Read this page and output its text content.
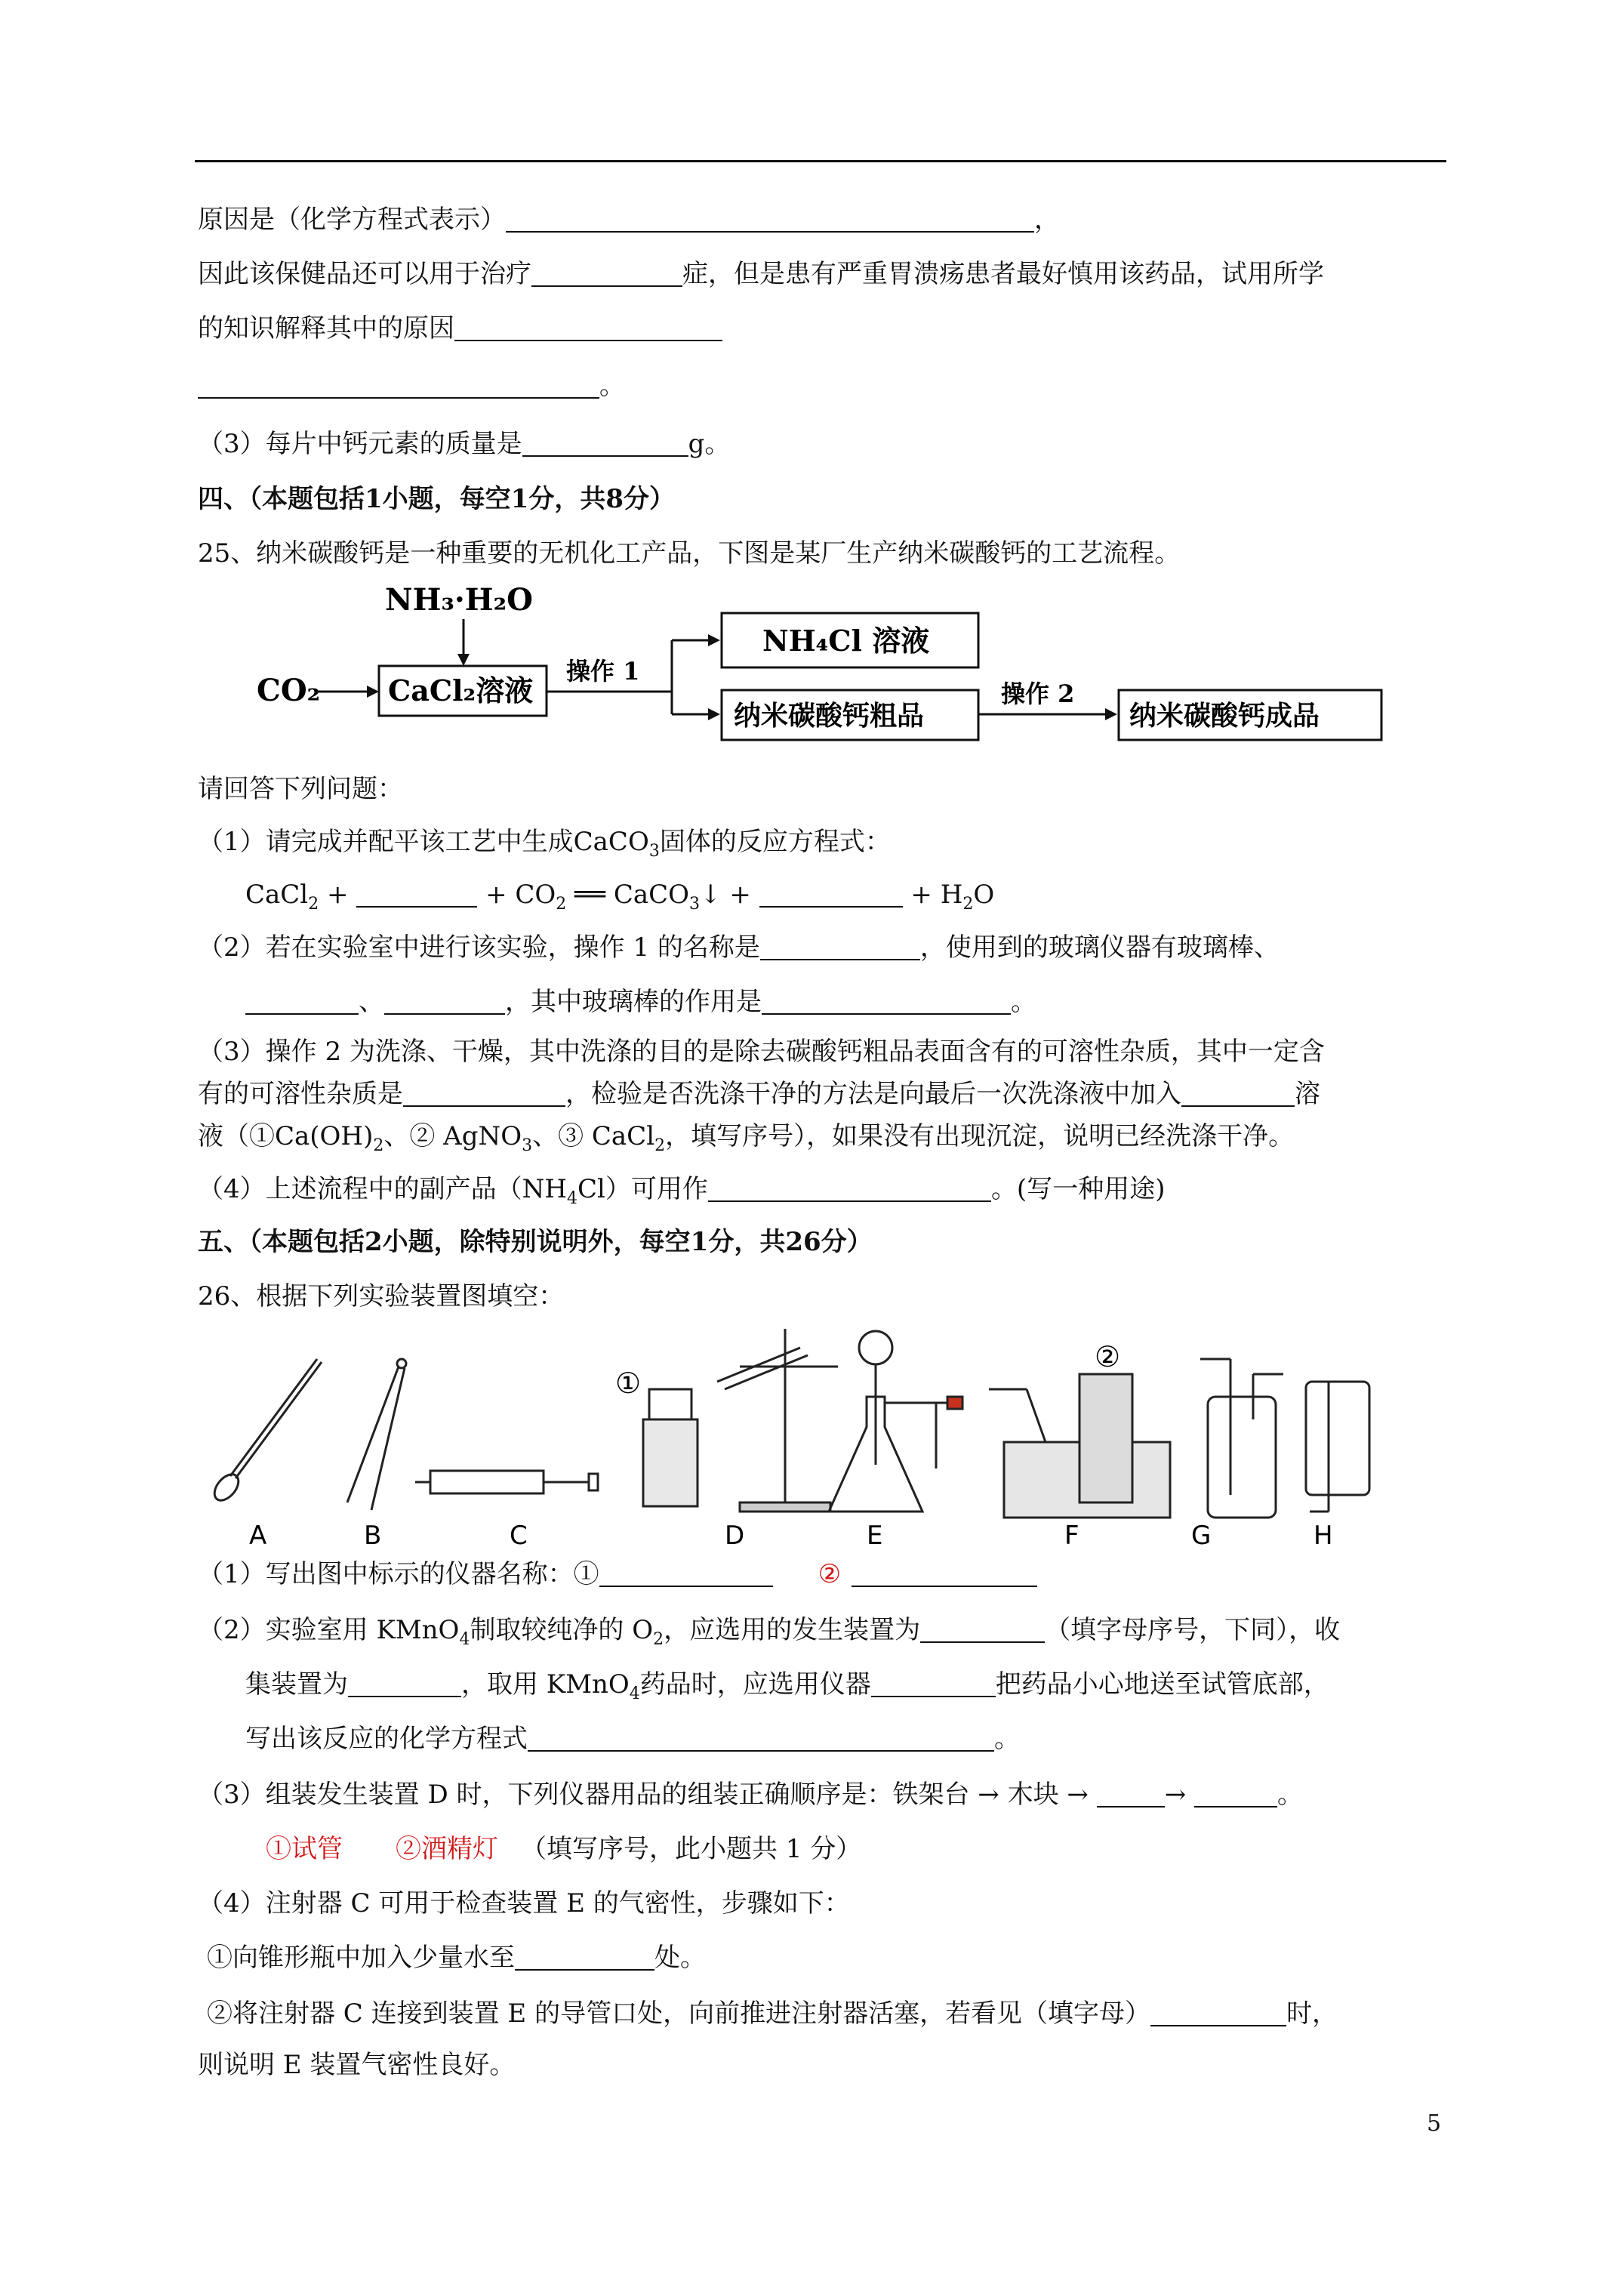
原因是（化学方程式表示）	，
因此该保健品还可以用于治疗	症，但是患有严重胃溃疡患者最好慎用该药品，试用所学
的知识解释其中的原因
。
（3）每片中钙元素的质量是	g。
四、（本题包括1小题，每空1分，共8分）
25、纳米碳酸钙是一种重要的无机化工产品，下图是某厂生产纳米碳酸钙的工艺流程。
NH₃·H₂O
CO₂ CaCl₂溶液
操作 1
NH₄Cl 溶液
纳米碳酸钙粗品
操作 2
纳米碳酸钙成品
请回答下列问题：
（1）请完成并配平该工艺中生成CaCO$_3$固体的反应方程式：
CaCl$_2$ +	+ $CO_2$ ══ CaCO$_3$↓ +	+ $H_2O$
（2）若在实验室中进行该实验，操作 1 的名称是	，使用到的玻璃仪器有玻璃棒、
、	，其中玻璃棒的作用是	。
（3）操作 2 为洗涤、干燥，其中洗涤的目的是除去碳酸钙粗品表面含有的可溶性杂质，其中一定含
有的可溶性杂质是	，检验是否洗涤干净的方法是向最后一次洗涤液中加入	溶
液（$①Ca(OH)_2$、② AgNO$_3$、③ CaCl$_2$，填写序号），如果没有出现沉淀，说明已经洗涤干净。
（4）上述流程中的副产品$(NH_4Cl)$可用作	。(写一种用途)
五、（本题包括2小题，除特别说明外，每空1分，共26分）
26、根据下列实验装置图填空：
①
②
A	B	C	D	E	F	G	H
（1）写出图中标示的仪器名称：①	②
（2）实验室用 KMnO$_4$制取较纯净的 $O_2$，应选用的发生装置为	（填字母序号，下同），收
集装置为	，取用 KMnO$_4$药品时，应选用仪器	把药品小心地送至试管底部，
写出该反应的化学方程式	。
（3）组装发生装置 D 时，下列仪器用品的组装正确顺序是：铁架台 → 木块 →	→	。
①试管 ②酒精灯 （填写序号，此小题共 1 分）
（4）注射器 C 可用于检查装置 E 的气密性，步骤如下：
①向锥形瓶中加入少量水至	处。
②将注射器 C 连接到装置 E 的导管口处，向前推进注射器活塞，若看见（填字母）	时，
则说明 E 装置气密性良好。
5
